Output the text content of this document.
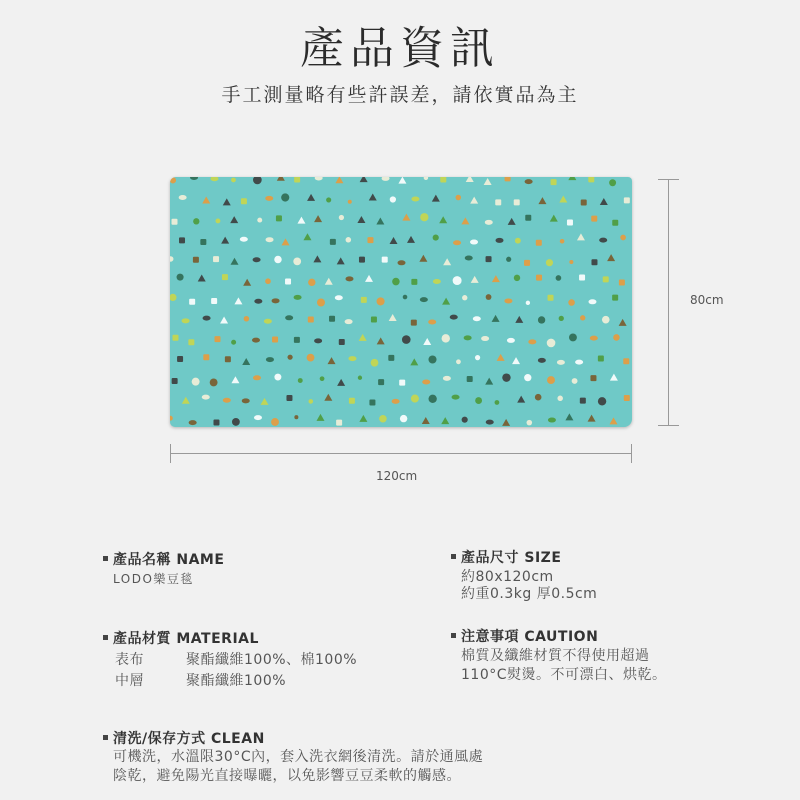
產品資訊
手工測量略有些許誤差，請依實品為主
80cm
120cm
產品名稱 NAME
LODO樂豆毯
產品尺寸 SIZE
約80x120cm
約重0.3kg 厚0.5cm
產品材質 MATERIAL
表布	聚酯纖維100%、棉100%
中層	聚酯纖維100%
注意事項 CAUTION
棉質及纖維材質不得使用超過
110°C熨燙。不可漂白、烘乾。
清洗/保存方式 CLEAN
可機洗，水溫限30°C內，套入洗衣網後清洗。請於通風處
陰乾，避免陽光直接曝曬，以免影響豆豆柔軟的觸感。
